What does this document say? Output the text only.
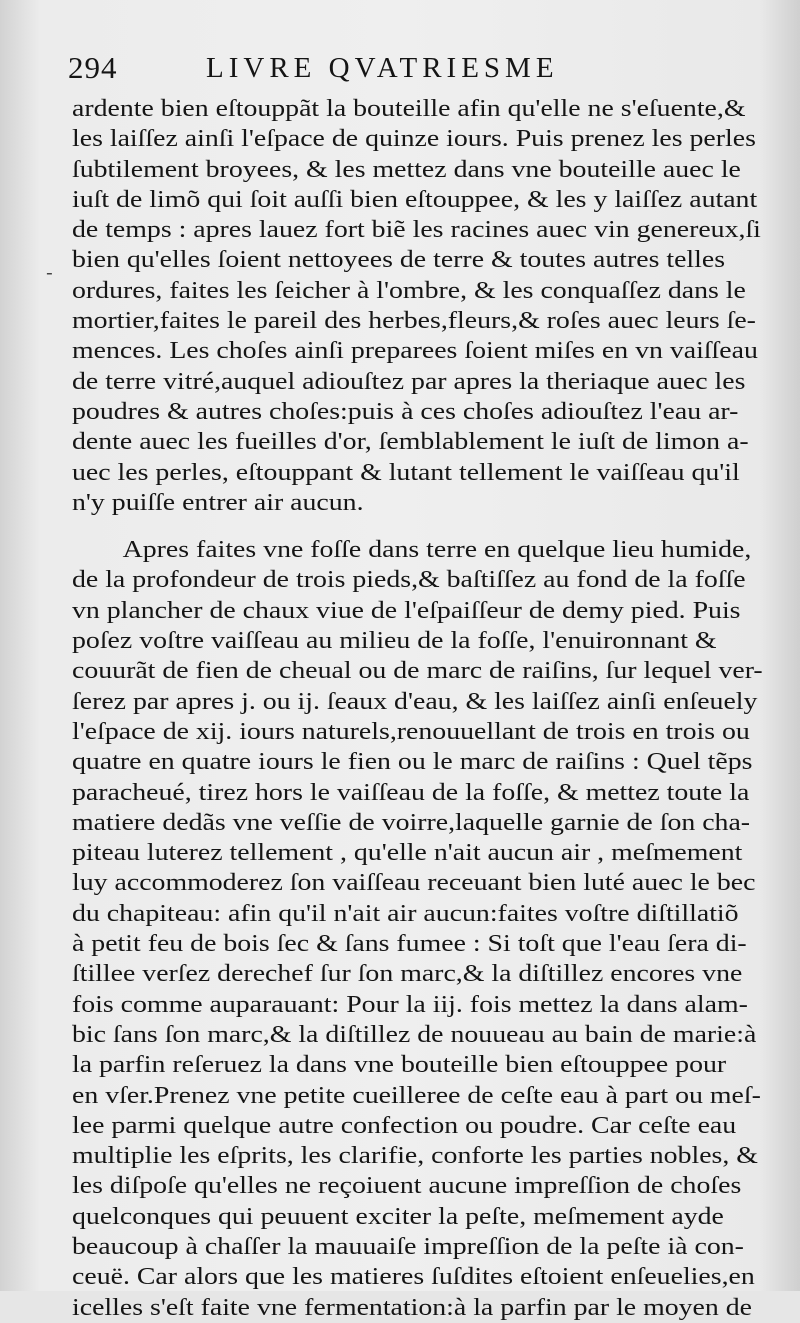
294	LIVRE QVATRIESME
-
ardente bien eſtouppãt la bouteille afin qu'elle ne s'eſuente,&
les laiſſez ainſi l'eſpace de quinze iours. Puis prenez les perles
ſubtilement broyees, & les mettez dans vne bouteille auec le
iuſt de limõ qui ſoit auſſi bien eſtouppee, & les y laiſſez autant
de temps : apres lauez fort biẽ les racines auec vin genereux,ſi
bien qu'elles ſoient nettoyees de terre & toutes autres telles
ordures, faites les ſeicher à l'ombre, & les conquaſſez dans le
mortier,faites le pareil des herbes,fleurs,& roſes auec leurs ſe-
mences. Les choſes ainſi preparees ſoient miſes en vn vaiſſeau
de terre vitré,auquel adiouſtez par apres la theriaque auec les
poudres & autres choſes:puis à ces choſes adiouſtez l'eau ar-
dente auec les fueilles d'or, ſemblablement le iuſt de limon a-
uec les perles, eſtouppant & lutant tellement le vaiſſeau qu'il
n'y puiſſe entrer air aucun.
Apres faites vne foſſe dans terre en quelque lieu humide,
de la profondeur de trois pieds,& baſtiſſez au fond de la foſſe
vn plancher de chaux viue de l'eſpaiſſeur de demy pied. Puis
poſez voſtre vaiſſeau au milieu de la foſſe, l'enuironnant &
couurãt de fien de cheual ou de marc de raiſins, ſur lequel ver-
ſerez par apres j. ou ij. ſeaux d'eau, & les laiſſez ainſi enſeuely
l'eſpace de xij. iours naturels,renouuellant de trois en trois ou
quatre en quatre iours le fien ou le marc de raiſins : Quel tẽps
paracheué, tirez hors le vaiſſeau de la foſſe, & mettez toute la
matiere dedãs vne veſſie de voirre,laquelle garnie de ſon cha-
piteau luterez tellement , qu'elle n'ait aucun air , meſmement
luy accommoderez ſon vaiſſeau receuant bien luté auec le bec
du chapiteau: afin qu'il n'ait air aucun:faites voſtre diſtillatiõ
à petit feu de bois ſec & ſans fumee : Si toſt que l'eau ſera di-
ſtillee verſez derechef ſur ſon marc,& la diſtillez encores vne
fois comme auparauant: Pour la iij. fois mettez la dans alam-
bic ſans ſon marc,& la diſtillez de nouueau au bain de marie:à
la parfin reſeruez la dans vne bouteille bien eſtouppee pour
en vſer.Prenez vne petite cueilleree de ceſte eau à part ou meſ-
lee parmi quelque autre confection ou poudre. Car ceſte eau
multiplie les eſprits, les clarifie, conforte les parties nobles, &
les diſpoſe qu'elles ne reçoiuent aucune impreſſion de choſes
quelconques qui peuuent exciter la peſte, meſmement ayde
beaucoup à chaſſer la mauuaiſe impreſſion de la peſte ià con-
ceuë. Car alors que les matieres ſuſdites eſtoient enſeuelies,en
icelles s'eſt faite vne fermentation:à la parfin par le moyen de
